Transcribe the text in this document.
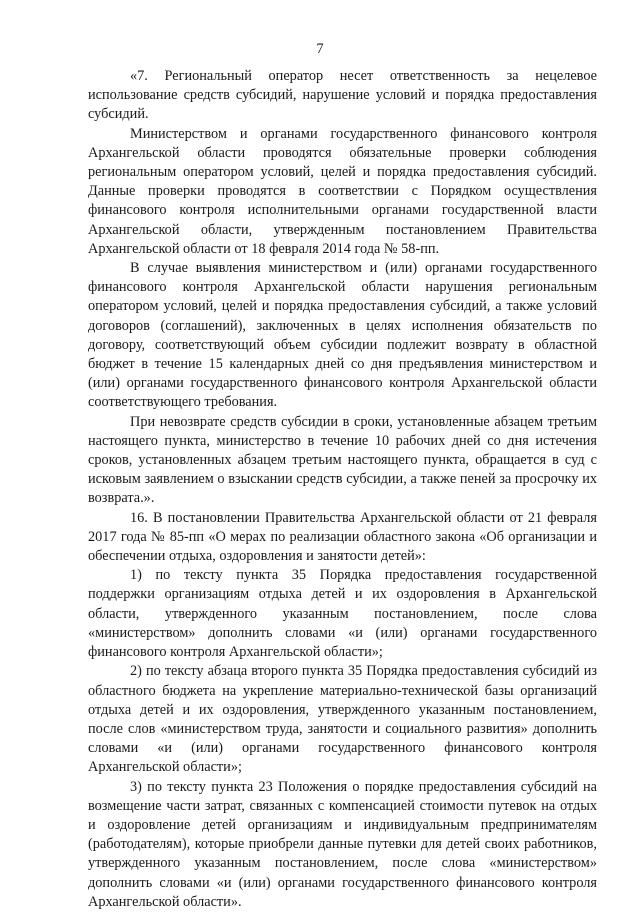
7

«7. Региональный оператор несет ответственность за нецелевое использование средств субсидий, нарушение условий и порядка предоставления субсидий.

Министерством и органами государственного финансового контроля Архангельской области проводятся обязательные проверки соблюдения региональным оператором условий, целей и порядка предоставления субсидий. Данные проверки проводятся в соответствии с Порядком осуществления финансового контроля исполнительными органами государственной власти Архангельской области, утвержденным постановлением Правительства Архангельской области от 18 февраля 2014 года № 58-пп.

В случае выявления министерством и (или) органами государственного финансового контроля Архангельской области нарушения региональным оператором условий, целей и порядка предоставления субсидий, а также условий договоров (соглашений), заключенных в целях исполнения обязательств по договору, соответствующий объем субсидии подлежит возврату в областной бюджет в течение 15 календарных дней со дня предъявления министерством и (или) органами государственного финансового контроля Архангельской области соответствующего требования.

При невозврате средств субсидии в сроки, установленные абзацем третьим настоящего пункта, министерство в течение 10 рабочих дней со дня истечения сроков, установленных абзацем третьим настоящего пункта, обращается в суд с исковым заявлением о взыскании средств субсидии, а также пеней за просрочку их возврата.».

16. В постановлении Правительства Архангельской области от 21 февраля 2017 года № 85-пп «О мерах по реализации областного закона «Об организации и обеспечении отдыха, оздоровления и занятости детей»:

1) по тексту пункта 35 Порядка предоставления государственной поддержки организациям отдыха детей и их оздоровления в Архангельской области, утвержденного указанным постановлением, после слова «министерством» дополнить словами «и (или) органами государственного финансового контроля Архангельской области»;

2) по тексту абзаца второго пункта 35 Порядка предоставления субсидий из областного бюджета на укрепление материально-технической базы организаций отдыха детей и их оздоровления, утвержденного указанным постановлением, после слов «министерством труда, занятости и социального развития» дополнить словами «и (или) органами государственного финансового контроля Архангельской области»;

3) по тексту пункта 23 Положения о порядке предоставления субсидий на возмещение части затрат, связанных с компенсацией стоимости путевок на отдых и оздоровление детей организациям и индивидуальным предпринимателям (работодателям), которые приобрели данные путевки для детей своих работников, утвержденного указанным постановлением, после слова «министерством» дополнить словами «и (или) органами государственного финансового контроля Архангельской области».
